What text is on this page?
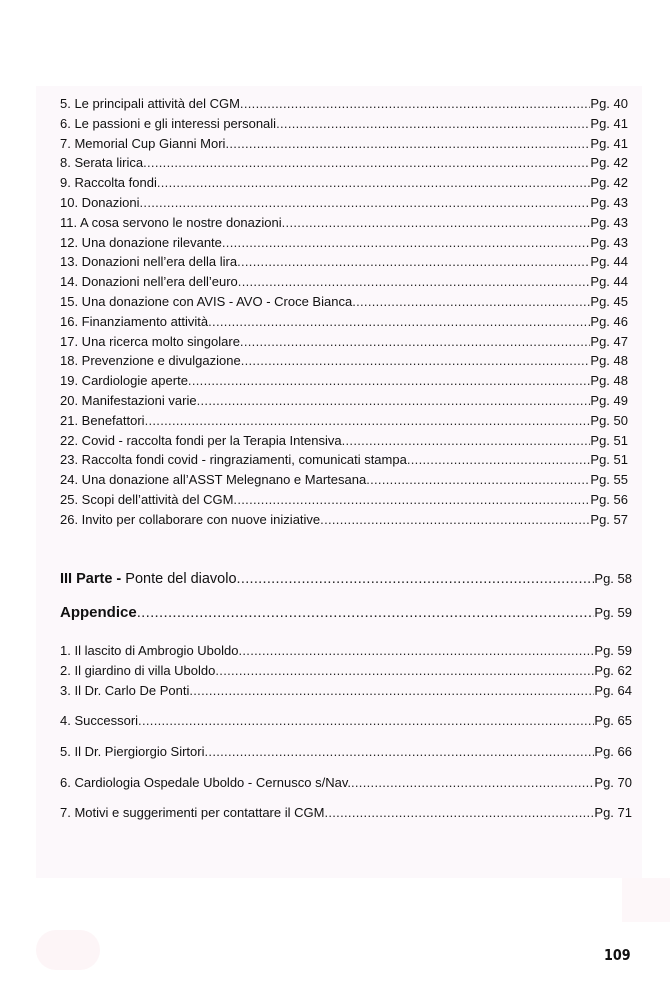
5. Le principali attività del CGM .....	Pg. 40
6. Le passioni e gli interessi personali .....	Pg. 41
7. Memorial Cup Gianni Mori .....	Pg. 41
8. Serata lirica .....	Pg. 42
9. Raccolta fondi .....	Pg. 42
10. Donazioni .....	Pg. 43
11. A cosa servono le nostre donazioni .....	Pg. 43
12. Una donazione rilevante .....	Pg. 43
13. Donazioni nell’era della lira .....	Pg. 44
14. Donazioni nell’era dell’euro .....	Pg. 44
15. Una donazione con AVIS - AVO - Croce Bianca .....	Pg. 45
16. Finanziamento attività .....	Pg. 46
17. Una ricerca molto singolare .....	Pg. 47
18. Prevenzione e divulgazione .....	Pg. 48
19. Cardiologie aperte .....	Pg. 48
20. Manifestazioni varie .....	Pg. 49
21. Benefattori .....	Pg. 50
22. Covid - raccolta fondi per la Terapia Intensiva .....	Pg. 51
23. Raccolta fondi covid - ringraziamenti, comunicati stampa .....	Pg. 51
24. Una donazione all’ASST Melegnano e Martesana .....	Pg. 55
25. Scopi dell’attività del CGM .....	Pg. 56
26. Invito per collaborare con nuove iniziative .....	Pg. 57
III Parte - Ponte del diavolo .....	Pg. 58
Appendice .....	Pg. 59
1. Il lascito di Ambrogio Uboldo .....	Pg. 59
2. Il giardino di villa Uboldo .....	Pg. 62
3. Il Dr. Carlo De Ponti .....	Pg. 64
4. Successori .....	Pg. 65
5. Il Dr. Piergiorgio Sirtori .....	Pg. 66
6. Cardiologia Ospedale Uboldo - Cernusco s/Nav. .....	Pg. 70
7. Motivi e suggerimenti per contattare il CGM .....	Pg. 71
109
